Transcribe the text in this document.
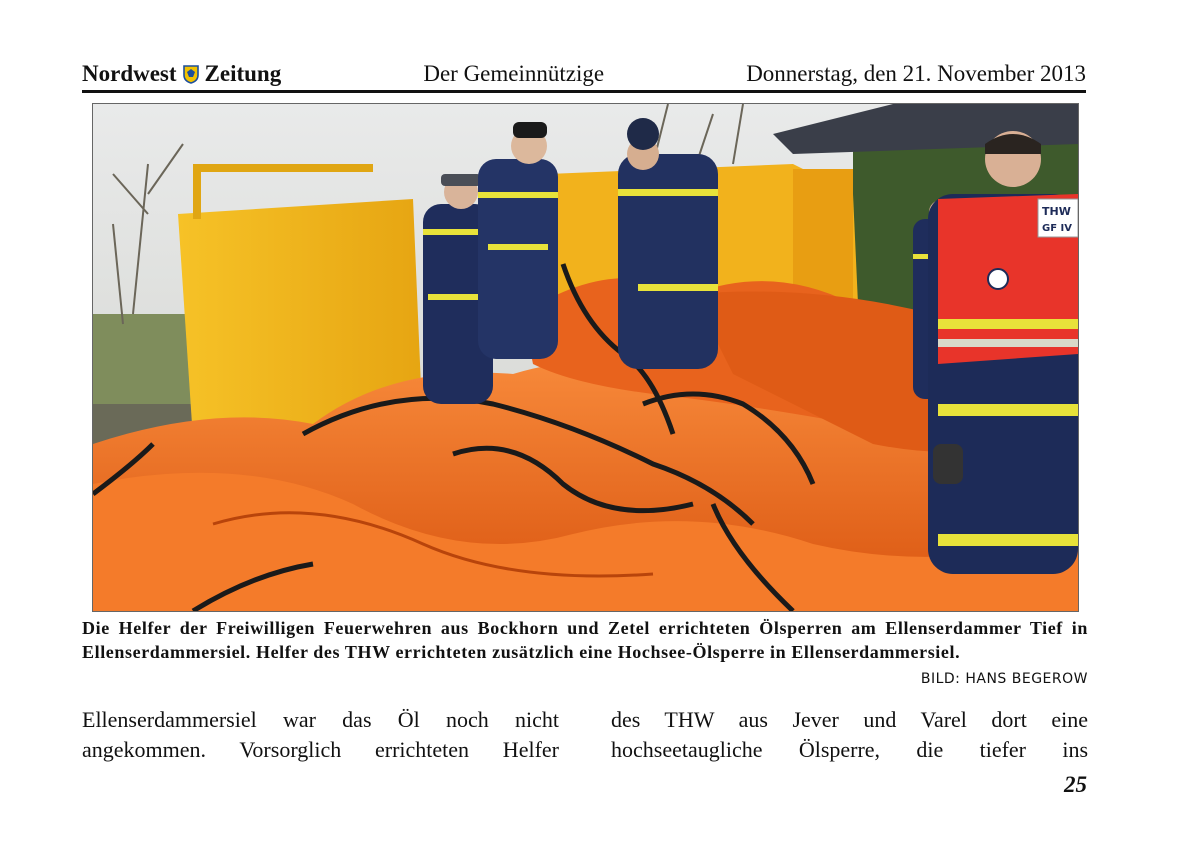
Nordwest Zeitung	Der Gemeinnützige	Donnerstag, den 21. November 2013
THW
GF IV
Die Helfer der Freiwilligen Feuerwehren aus Bockhorn und Zetel errichteten Ölsperren am Ellenserdammer Tief in Ellenserdammersiel. Helfer des THW errichteten zusätzlich eine Hochsee-Ölsperre in Ellenserdammersiel.
BILD: HANS BEGEROW

Ellenserdammersiel war das Öl noch nicht

angekommen. Vorsorglich errichteten Helfer

des THW aus Jever und Varel dort eine

hochseetaugliche Ölsperre, die tiefer ins

25
